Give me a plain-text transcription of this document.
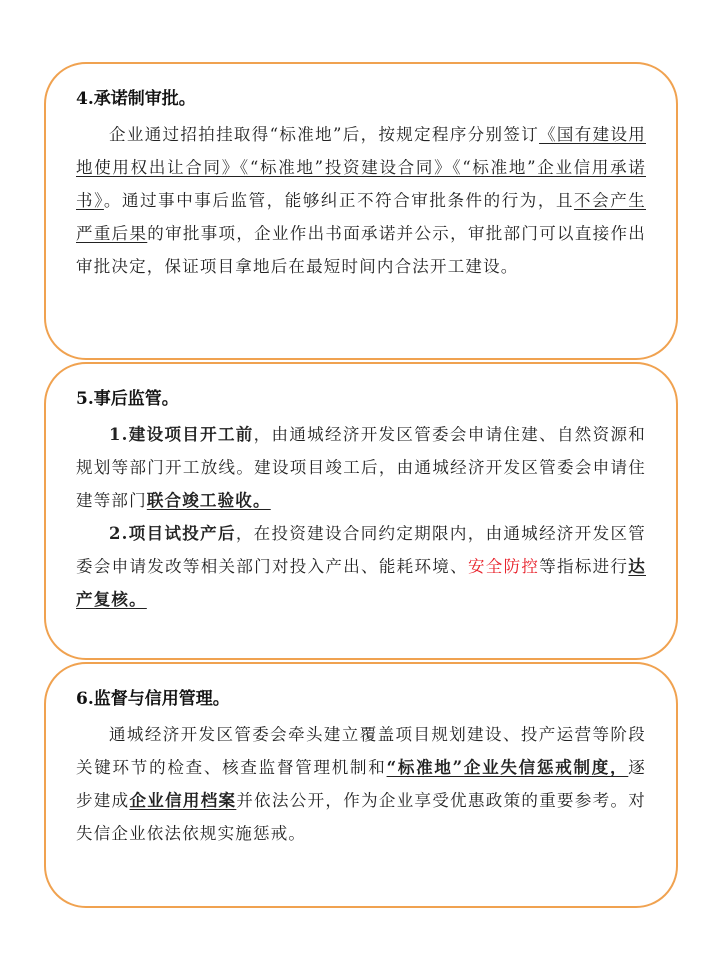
4.承诺制审批。

企业通过招拍挂取得“标准地”后，按规定程序分别签订《国有建设用地使用权出让合同》《“标准地”投资建设合同》《“标准地”企业信用承诺书》。通过事中事后监管，能够纠正不符合审批条件的行为，且不会产生严重后果的审批事项，企业作出书面承诺并公示，审批部门可以直接作出审批决定，保证项目拿地后在最短时间内合法开工建设。

5.事后监管。

1.建设项目开工前，由通城经济开发区管委会申请住建、自然资源和规划等部门开工放线。建设项目竣工后，由通城经济开发区管委会申请住建等部门联合竣工验收。

2.项目试投产后，在投资建设合同约定期限内，由通城经济开发区管委会申请发改等相关部门对投入产出、能耗环境、安全防控等指标进行达产复核。

6.监督与信用管理。

通城经济开发区管委会牵头建立覆盖项目规划建设、投产运营等阶段关键环节的检查、核查监督管理机制和“标准地”企业失信惩戒制度，逐步建成企业信用档案并依法公开，作为企业享受优惠政策的重要参考。对失信企业依法依规实施惩戒。
